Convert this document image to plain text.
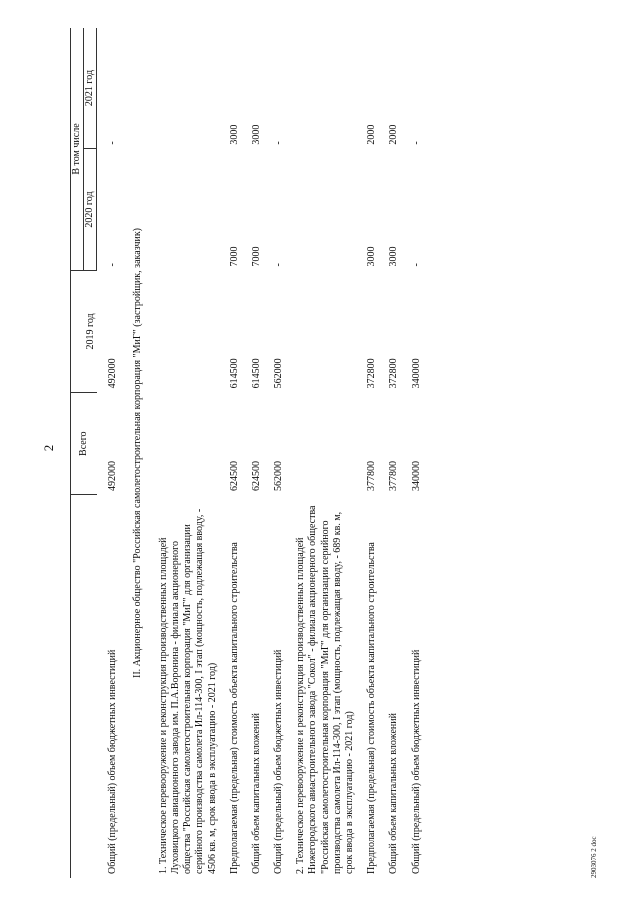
2
	Всего	2019 год	В том числе	
			2020 год	2021 год
Общий (предельный) объем бюджетных инвестиций	492000	492000	-	-
II. Акционерное общество "Российская самолетостроительная корпорация "МиГ" (застройщик, заказчик)				
1. Техническое перевооружение и реконструкция производственных площадей Луховицкого авиационного завода им. П.А.Воронина - филиала акционерного общества "Российская самолетостроительная корпорация "МиГ" для организации серийного производства самолета Ил-114-300, I этап (мощность, подлежащая вводу, - 4506 кв. м, срок ввода в эксплуатацию - 2021 год)				
Предполагаемая (предельная) стоимость объекта капитального строительства	624500	614500	7000	3000
Общий объем капитальных вложений	624500	614500	7000	3000
Общий (предельный) объем бюджетных инвестиций	562000	562000	-	-
2. Техническое перевооружение и реконструкция производственных площадей Нижегородского авиастроительного завода "Сокол" - филиала акционерного общества "Российская самолетостроительная корпорация "МиГ" для организации серийного производства самолета Ил-114-300, I этап (мощность, подлежащая вводу, - 689 кв. м, срок ввода в эксплуатацию - 2021 год)				
Предполагаемая (предельная) стоимость объекта капитального строительства	377800	372800	3000	2000
Общий объем капитальных вложений	377800	372800	3000	2000
Общий (предельный) объем бюджетных инвестиций	340000	340000	-	-
2903076 2 doc
